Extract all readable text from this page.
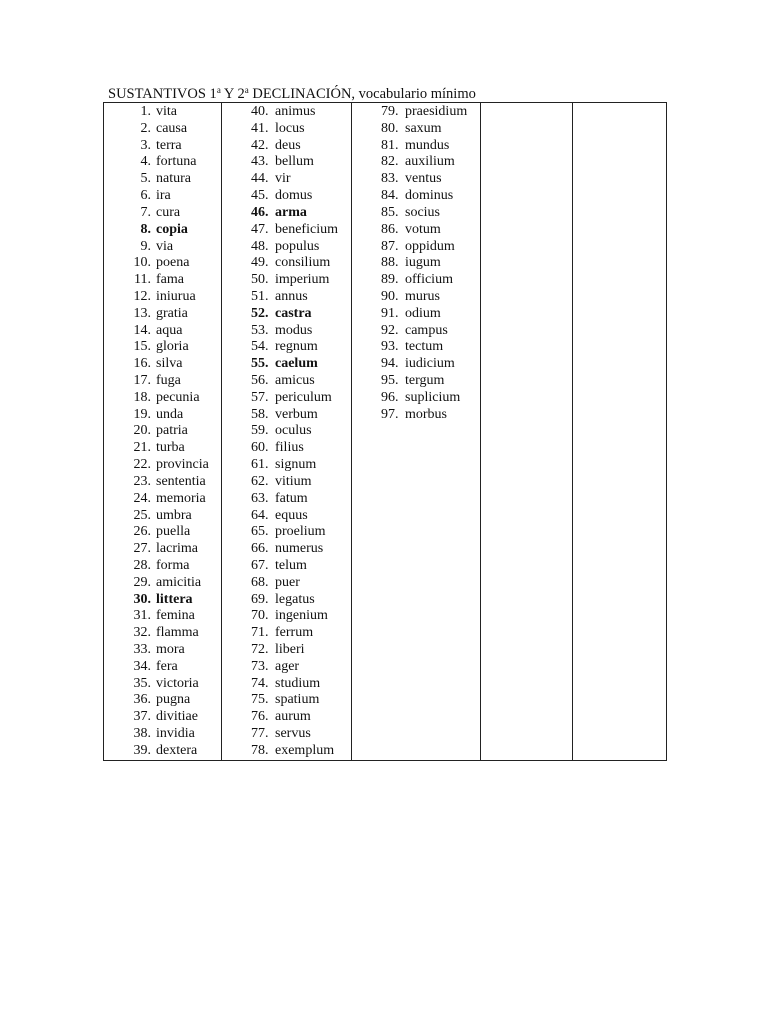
SUSTANTIVOS 1$^a$ Y 2$^a$ DECLINACIÓN, vocabulario mínimo
1. vita
2. causa
3. terra
4. fortuna
5. natura
6. ira
7. cura
8. copia
9. via
10. poena
11. fama
12. iniurua
13. gratia
14. aqua
15. gloria
16. silva
17. fuga
18. pecunia
19. unda
20. patria
21. turba
22. provincia
23. sententia
24. memoria
25. umbra
26. puella
27. lacrima
28. forma
29. amicitia
30. littera
31. femina
32. flamma
33. mora
34. fera
35. victoria
36. pugna
37. divitiae
38. invidia
39. dextera

40. animus
41. locus
42. deus
43. bellum
44. vir
45. domus
46. arma
47. beneficium
48. populus
49. consilium
50. imperium
51. annus
52. castra
53. modus
54. regnum
55. caelum
56. amicus
57. periculum
58. verbum
59. oculus
60. filius
61. signum
62. vitium
63. fatum
64. equus
65. proelium
66. numerus
67. telum
68. puer
69. legatus
70. ingenium
71. ferrum
72. liberi
73. ager
74. studium
75. spatium
76. aurum
77. servus
78. exemplum

79. praesidium
80. saxum
81. mundus
82. auxilium
83. ventus
84. dominus
85. socius
86. votum
87. oppidum
88. iugum
89. officium
90. murus
91. odium
92. campus
93. tectum
94. iudicium
95. tergum
96. suplicium
97. morbus
